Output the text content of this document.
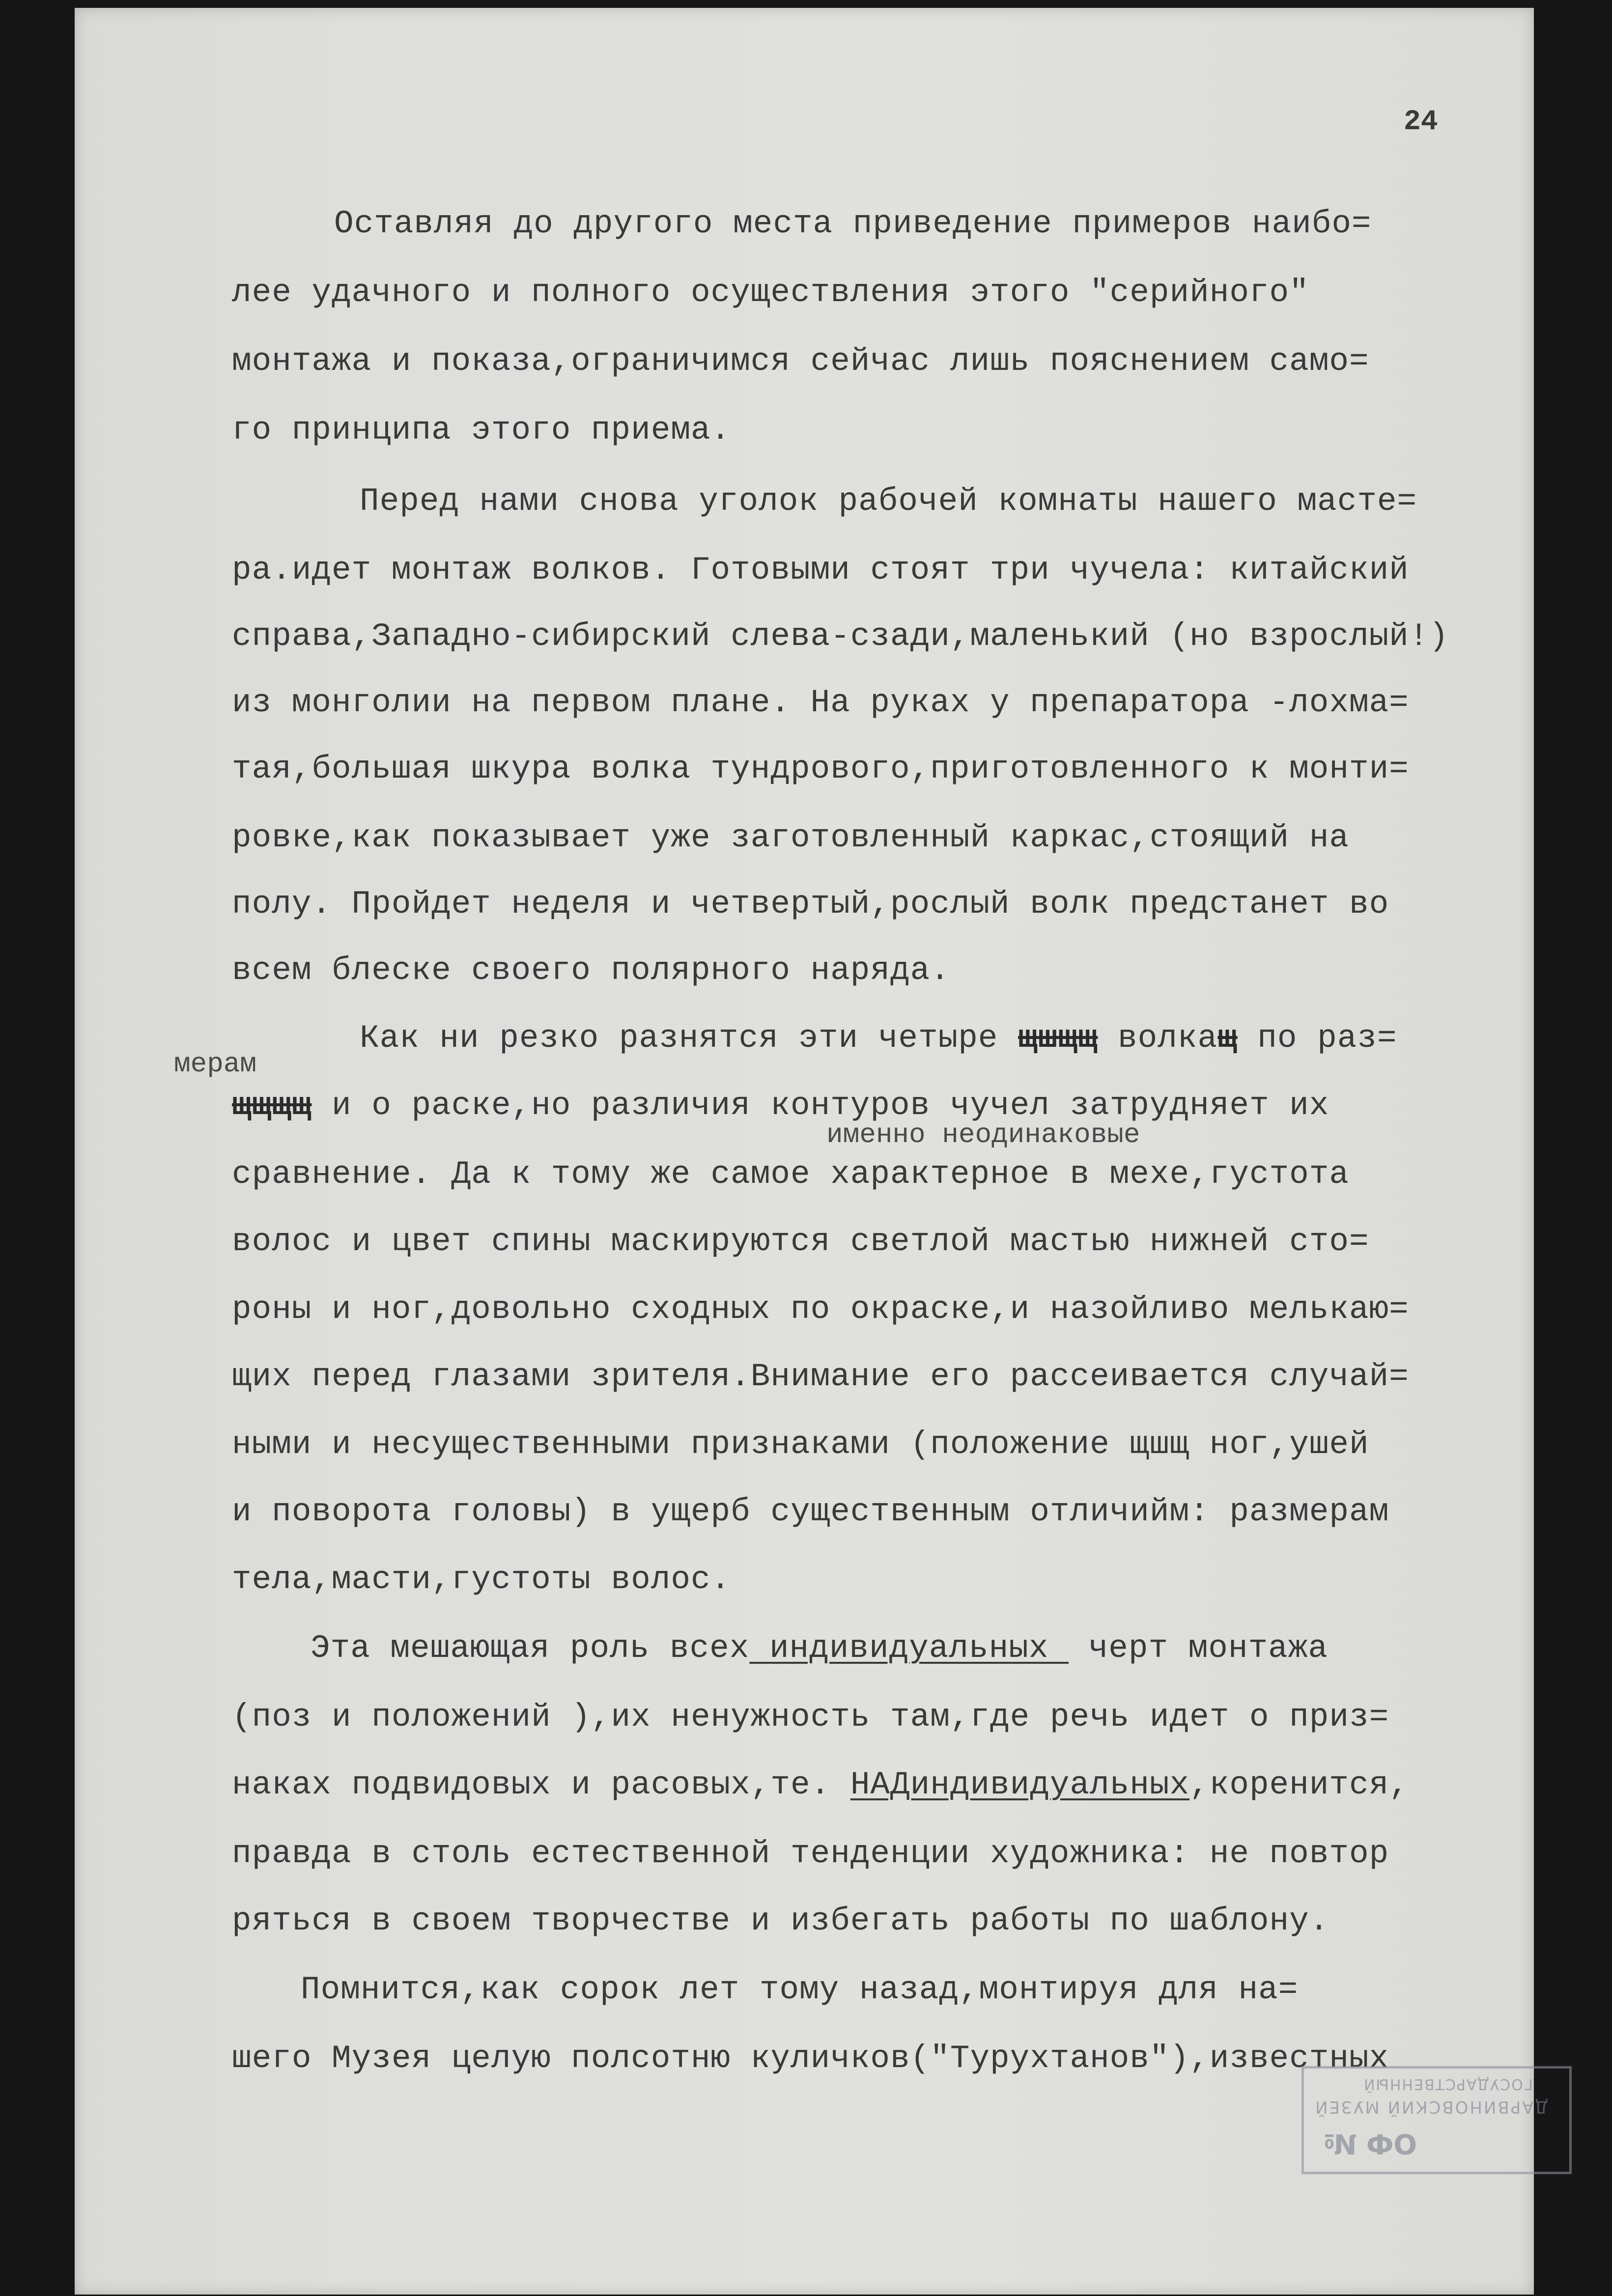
24
Оставляя до другого места приведение примеров наибо=
лее удачного и полного осуществления этого "серийного"
монтажа и показа,ограничимся сейчас лишь пояснением само=
го принципа этого приема.
Перед нами снова уголок рабочей комнаты нашего масте=
ра.идет монтаж волков. Готовыми стоят три чучела: китайский
справа,Западно-сибирский слева-сзади,маленький (но взрослый!)
из монголии на первом плане. На руках у препаратора -лохма=
тая,большая шкура волка тундрового,приготовленного к монти=
ровке,как показывает уже заготовленный каркас,стоящий на
полу. Пройдет неделя и четвертый,рослый волк предстанет во
всем блеске своего полярного наряда.
Как ни резко разнятся эти четыре щшщщ волкащ по раз=
мерам
щщщщ и о раске,но различия контуров чучел затрудняет их
именно неодинаковые
сравнение. Да к тому же самое характерное в мехе,густота
волос и цвет спины маскируются светлой мастью нижней сто=
роны и ног,довольно сходных по окраске,и назойливо мелькаю=
щих перед глазами зрителя.Внимание его рассеивается случай=
ными и несущественными признаками (положение щшщ ног,ушей
и поворота головы) в ущерб существенным отличийм: размерам
тела,масти,густоты волос.
Эта мешающая роль всех индивидуальных  черт монтажа
(поз и положений ),их ненужность там,где речь идет о приз=
наках подвидовых и расовых,те. НАДиндивидуальных,коренится,
правда в столь естественной тенденции художника: не повтор
ряться в своем творчестве и избегать работы по шаблону.
Помнится,как сорок лет тому назад,монтируя для на=
шего Музея целую полсотню куличков("Турухтанов"),известных
ГОСУДАРСТВЕННЫЙ
ДАРВИНОВСКИЙ МУЗЕЙ
ОФ №
